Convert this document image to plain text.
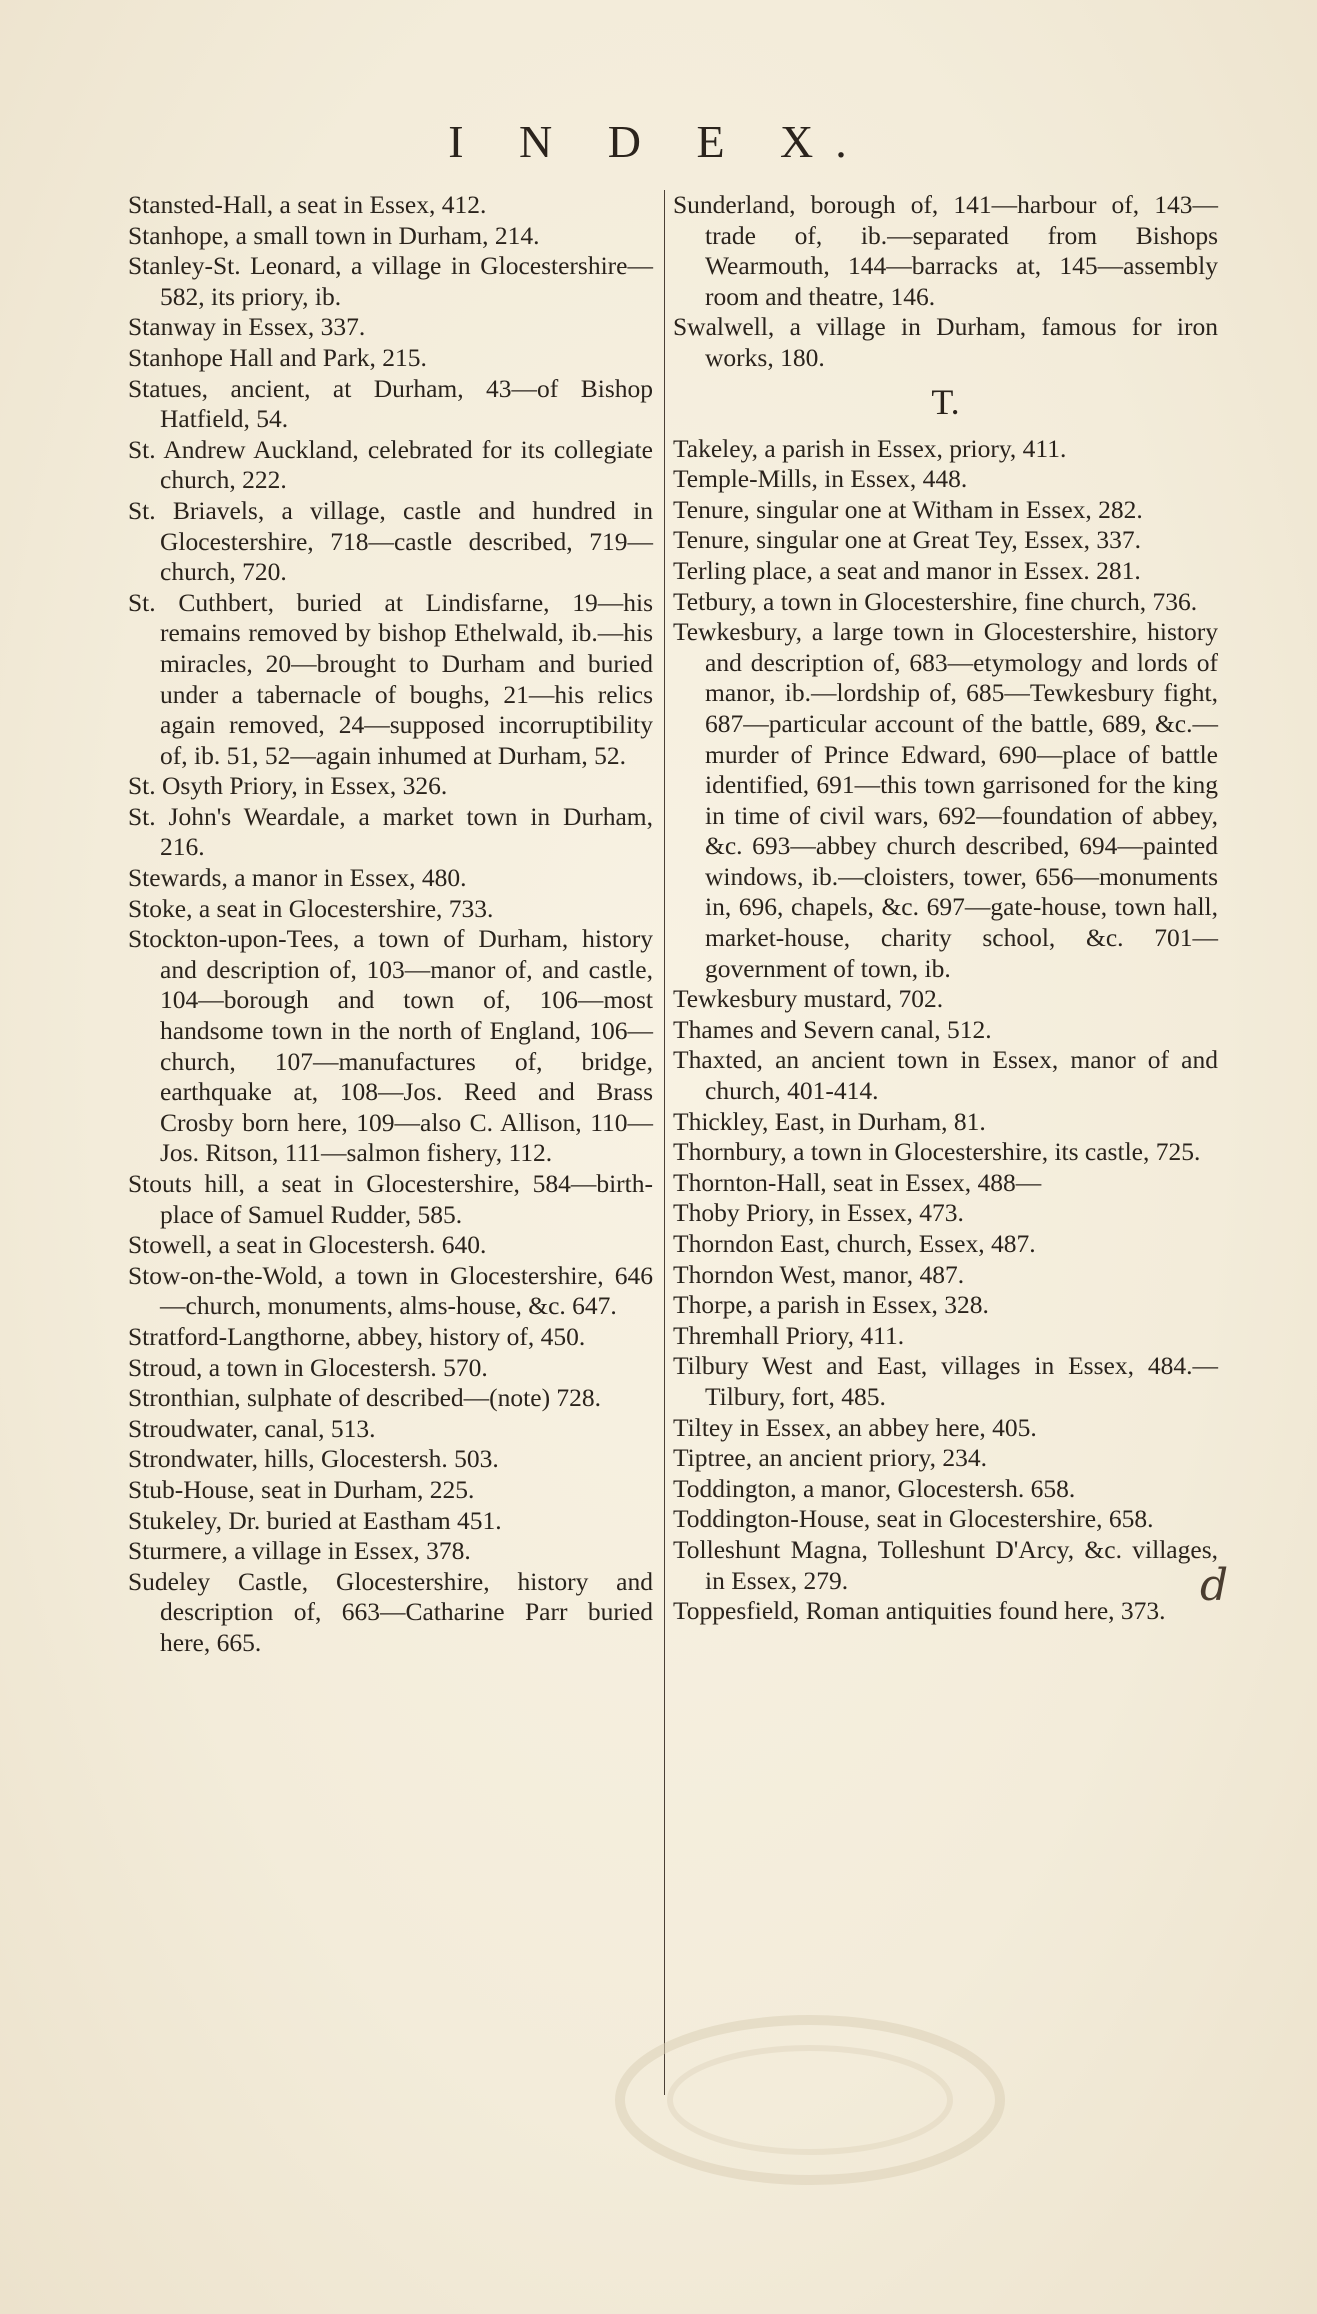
I N D E X.

Stansted-Hall, a seat in Essex, 412.

Stanhope, a small town in Durham, 214.

Stanley-St. Leonard, a village in Glocestershire—582, its priory, ib.

Stanway in Essex, 337.

Stanhope Hall and Park, 215.

Statues, ancient, at Durham, 43—of Bishop Hatfield, 54.

St. Andrew Auckland, celebrated for its collegiate church, 222.

St. Briavels, a village, castle and hundred in Glocestershire, 718—castle described, 719—church, 720.

St. Cuthbert, buried at Lindisfarne, 19—his remains removed by bishop Ethelwald, ib.—his miracles, 20—brought to Durham and buried under a tabernacle of boughs, 21—his relics again removed, 24—supposed incorruptibility of, ib. 51, 52—again inhumed at Durham, 52.

St. Osyth Priory, in Essex, 326.

St. John's Weardale, a market town in Durham, 216.

Stewards, a manor in Essex, 480.

Stoke, a seat in Glocestershire, 733.

Stockton-upon-Tees, a town of Durham, history and description of, 103—manor of, and castle, 104—borough and town of, 106—most handsome town in the north of England, 106—church, 107—manufactures of, bridge, earthquake at, 108—Jos. Reed and Brass Crosby born here, 109—also C. Allison, 110—Jos. Ritson, 111—salmon fishery, 112.

Stouts hill, a seat in Glocestershire, 584—birth-place of Samuel Rudder, 585.

Stowell, a seat in Glocestersh. 640.

Stow-on-the-Wold, a town in Glocestershire, 646—church, monuments, alms-house, &c. 647.

Stratford-Langthorne, abbey, history of, 450.

Stroud, a town in Glocestersh. 570.

Stronthian, sulphate of described—(note) 728.

Stroudwater, canal, 513.

Strondwater, hills, Glocestersh. 503.

Stub-House, seat in Durham, 225.

Stukeley, Dr. buried at Eastham 451.

Sturmere, a village in Essex, 378.

Sudeley Castle, Glocestershire, history and description of, 663—Catharine Parr buried here, 665.

Sunderland, borough of, 141—harbour of, 143—trade of, ib.—separated from Bishops Wearmouth, 144—barracks at, 145—assembly room and theatre, 146.

Swalwell, a village in Durham, famous for iron works, 180.

T.

Takeley, a parish in Essex, priory, 411.

Temple-Mills, in Essex, 448.

Tenure, singular one at Witham in Essex, 282.

Tenure, singular one at Great Tey, Essex, 337.

Terling place, a seat and manor in Essex. 281.

Tetbury, a town in Glocestershire, fine church, 736.

Tewkesbury, a large town in Glocestershire, history and description of, 683—etymology and lords of manor, ib.—lordship of, 685—Tewkesbury fight, 687—particular account of the battle, 689, &c.—murder of Prince Edward, 690—place of battle identified, 691—this town garrisoned for the king in time of civil wars, 692—foundation of abbey, &c. 693—abbey church described, 694—painted windows, ib.—cloisters, tower, 656—monuments in, 696, chapels, &c. 697—gate-house, town hall, market-house, charity school, &c. 701—government of town, ib.

Tewkesbury mustard, 702.

Thames and Severn canal, 512.

Thaxted, an ancient town in Essex, manor of and church, 401-414.

Thickley, East, in Durham, 81.

Thornbury, a town in Glocestershire, its castle, 725.

Thornton-Hall, seat in Essex, 488—

Thoby Priory, in Essex, 473.

Thorndon East, church, Essex, 487.

Thorndon West, manor, 487.

Thorpe, a parish in Essex, 328.

Thremhall Priory, 411.

Tilbury West and East, villages in Essex, 484.—Tilbury, fort, 485.

Tiltey in Essex, an abbey here, 405.

Tiptree, an ancient priory, 234.

Toddington, a manor, Glocestersh. 658.

Toddington-House, seat in Glocestershire, 658.

Tolleshunt Magna, Tolleshunt D'Arcy, &c. villages, in Essex, 279.

Toppesfield, Roman antiquities found here, 373. d
